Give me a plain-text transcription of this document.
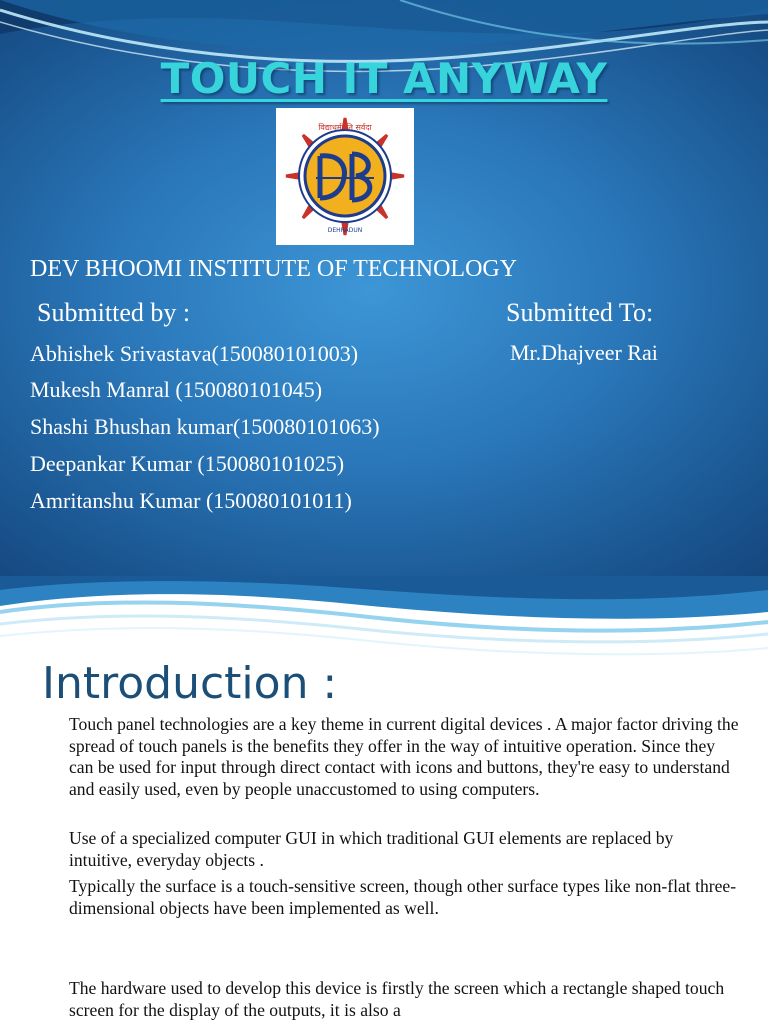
TOUCH IT ANYWAY
विद्याधर्मयति सर्वदा
DEHRADUN
DEV BHOOMI INSTITUTE OF TECHNOLOGY
Submitted by :	Submitted To:
Abhishek Srivastava(150080101003)
Mukesh Manral (150080101045)
Shashi Bhushan kumar(150080101063)
Deepankar Kumar (150080101025)
Amritanshu Kumar (150080101011)
Mr.Dhajveer Rai
Introduction :

Touch panel technologies are a key theme in current digital devices . A major factor driving the spread of touch panels is the benefits they offer in the way of intuitive operation. Since they can be used for input through direct contact with icons and buttons, they're easy to understand and easily used, even by people unaccustomed to using computers.

Use of a specialized computer GUI in which traditional GUI elements are replaced by intuitive, everyday objects .

Typically the surface is a touch-sensitive screen, though other surface types like non-flat three-dimensional objects have been implemented as well.

The hardware used to develop this device is firstly the screen which a rectangle shaped touch screen for the display of the outputs, it is also a
